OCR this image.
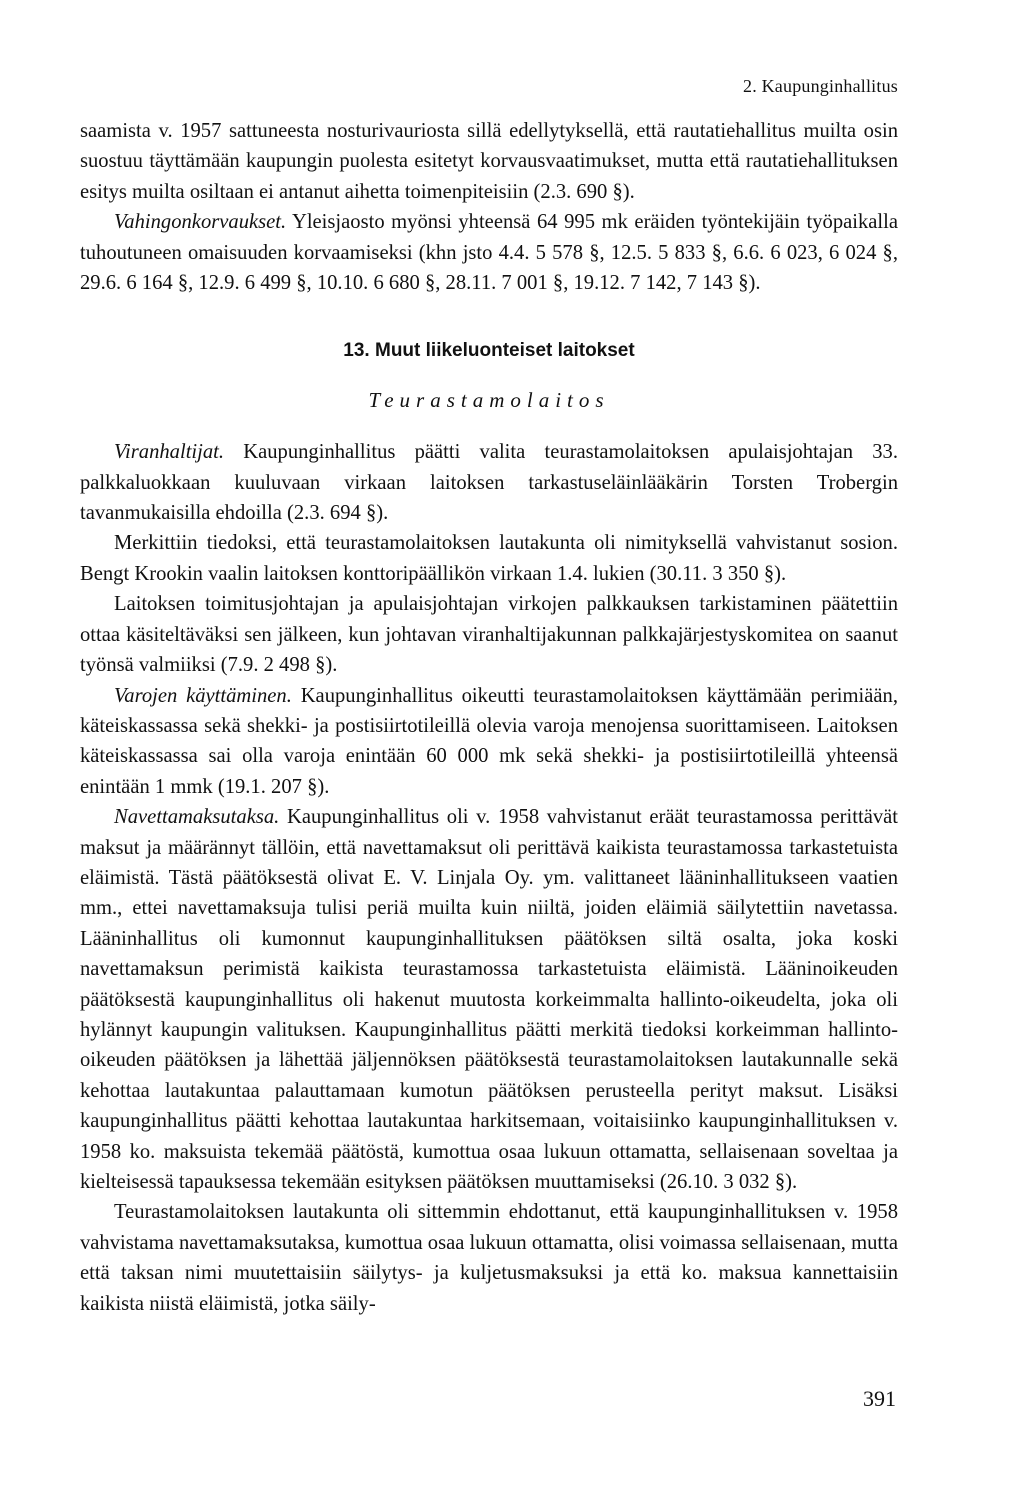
2. Kaupunginhallitus

saamista v. 1957 sattuneesta nosturivauriosta sillä edellytyksellä, että rautatiehallitus muilta osin suostuu täyttämään kaupungin puolesta esitetyt korvausvaatimukset, mutta että rautatiehallituksen esitys muilta osiltaan ei antanut aihetta toimenpiteisiin (2.3. 690 §).

Vahingonkorvaukset. Yleisjaosto myönsi yhteensä 64 995 mk eräiden työntekijäin työpaikalla tuhoutuneen omaisuuden korvaamiseksi (khn jsto 4.4. 5 578 §, 12.5. 5 833 §, 6.6. 6 023, 6 024 §, 29.6. 6 164 §, 12.9. 6 499 §, 10.10. 6 680 §, 28.11. 7 001 §, 19.12. 7 142, 7 143 §).

13. Muut liikeluonteiset laitokset
Teurastamolaitos

Viranhaltijat. Kaupunginhallitus päätti valita teurastamolaitoksen apulaisjohtajan 33. palkkaluokkaan kuuluvaan virkaan laitoksen tarkastuseläinlääkärin Torsten Trobergin tavanmukaisilla ehdoilla (2.3. 694 §).

Merkittiin tiedoksi, että teurastamolaitoksen lautakunta oli nimityksellä vahvistanut sosion. Bengt Krookin vaalin laitoksen konttoripäällikön virkaan 1.4. lukien (30.11. 3 350 §).

Laitoksen toimitusjohtajan ja apulaisjohtajan virkojen palkkauksen tarkistaminen päätettiin ottaa käsiteltäväksi sen jälkeen, kun johtavan viranhaltijakunnan palkkajärjestyskomitea on saanut työnsä valmiiksi (7.9. 2 498 §).

Varojen käyttäminen. Kaupunginhallitus oikeutti teurastamolaitoksen käyttämään perimiään, käteiskassassa sekä shekki- ja postisiirtotileillä olevia varoja menojensa suorittamiseen. Laitoksen käteiskassassa sai olla varoja enintään 60 000 mk sekä shekki- ja postisiirtotileillä yhteensä enintään 1 mmk (19.1. 207 §).

Navettamaksutaksa. Kaupunginhallitus oli v. 1958 vahvistanut eräät teurastamossa perittävät maksut ja määrännyt tällöin, että navettamaksut oli perittävä kaikista teurastamossa tarkastetuista eläimistä. Tästä päätöksestä olivat E. V. Linjala Oy. ym. valittaneet lääninhallitukseen vaatien mm., ettei navettamaksuja tulisi periä muilta kuin niiltä, joiden eläimiä säilytettiin navetassa. Lääninhallitus oli kumonnut kaupunginhallituksen päätöksen siltä osalta, joka koski navettamaksun perimistä kaikista teurastamossa tarkastetuista eläimistä. Lääninoikeuden päätöksestä kaupunginhallitus oli hakenut muutosta korkeimmalta hallinto-oikeudelta, joka oli hylännyt kaupungin valituksen. Kaupunginhallitus päätti merkitä tiedoksi korkeimman hallinto-oikeuden päätöksen ja lähettää jäljennöksen päätöksestä teurastamolaitoksen lautakunnalle sekä kehottaa lautakuntaa palauttamaan kumotun päätöksen perusteella perityt maksut. Lisäksi kaupunginhallitus päätti kehottaa lautakuntaa harkitsemaan, voitaisiinko kaupunginhallituksen v. 1958 ko. maksuista tekemää päätöstä, kumottua osaa lukuun ottamatta, sellaisenaan soveltaa ja kielteisessä tapauksessa tekemään esityksen päätöksen muuttamiseksi (26.10. 3 032 §).

Teurastamolaitoksen lautakunta oli sittemmin ehdottanut, että kaupunginhallituksen v. 1958 vahvistama navettamaksutaksa, kumottua osaa lukuun ottamatta, olisi voimassa sellaisenaan, mutta että taksan nimi muutettaisiin säilytys- ja kuljetusmaksuksi ja että ko. maksua kannettaisiin kaikista niistä eläimistä, jotka säily-

391
